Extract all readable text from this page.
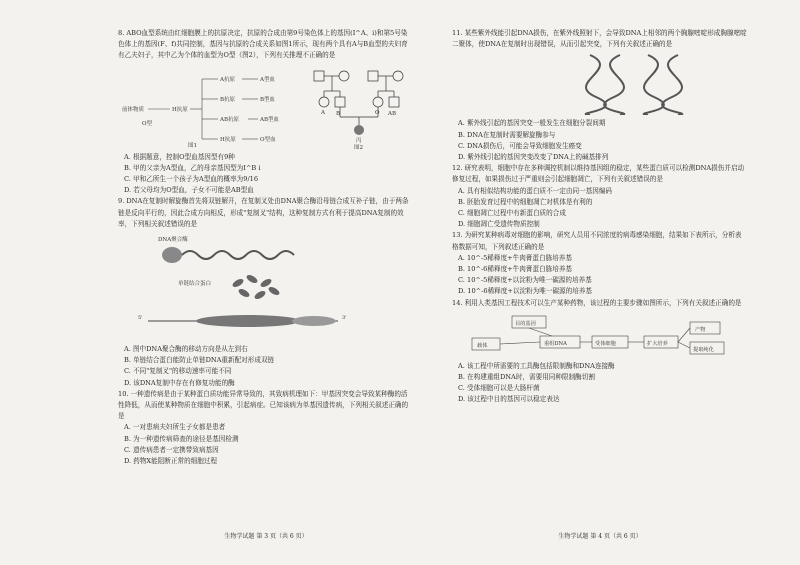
8. ABO血型系统由红细胞膜上的抗原决定，抗原的合成由第9号染色体上的基因(I^A、i)和第5号染色体上的基因(F、f)共同控制，基因与抗原的合成关系如图1所示，现有两个具有A与B血型的夫妇育有乙夫妇子，其中乙为个体的血型为O型（图2），下列有关推理不正确的是

前体物质	H抗原
A抗原
B抗原
AB抗原
H抗原
A型血
B型血
AB型血
O型血
O型
图1
A B	O AB
丙
图2

A. 根据题意，控制O型血基因型有9种

B. 甲的父亲为A型血，乙的母亲基因型为I^B i

C. 甲和乙所生一个孩子为A型血的概率为9/16

D. 若父母均为O型血，子女不可能是AB型血

9. DNA在复制时解旋酶首先将双链解开，在复制叉处由DNA聚合酶沿母链合成互补子链，由于两条链是反向平行的，因此合成方向相反，形成"复制叉"结构，这种复制方式有利于提高DNA复制的效率，下列相关叙述错误的是

DNA聚合酶
单链结合蛋白
5'	3'

A. 图中DNA聚合酶的移动方向是从左到右

B. 单链结合蛋白能防止单链DNA重新配对形成双链

C. 不同"复制叉"的移动速率可能不同

D. 该DNA复制中存在有修复功能的酶

10. 一种遗传病是由于某种蛋白质功能异常导致的，其致病机理如下：甲基因突变会导致某种酶的活性降低，从而使某种物质在细胞中积累，引起病症。已知该病为单基因遗传病，下列相关叙述正确的是

A. 一对患病夫妇所生子女都是患者

B. 为一种遗传病筛查的途径是基因检测

C. 遗传病患者一定携带致病基因

D. 药物X能阻断正常的细胞过程

生物学试题 第 3 页（共 6 页）

11. 某些紫外线能引起DNA损伤，在紫外线照射下，会导致DNA上相邻的两个胸腺嘧啶形成胸腺嘧啶二聚体，使DNA在复制时出现错误，从而引起突变，下列有关叙述正确的是

A. 紫外线引起的基因突变一般发生在细胞分裂间期

B. DNA在复制时需要解旋酶参与

C. DNA损伤后，可能会导致细胞发生癌变

D. 紫外线引起的基因突变改变了DNA上的碱基排列

12. 研究表明，细胞中存在多种调控机制以维持基因组的稳定，某些蛋白质可以检测DNA损伤并启动修复过程，如果损伤过于严重则会引起细胞凋亡，下列有关叙述错误的是

A. 具有相似结构功能的蛋白质不一定由同一基因编码

B. 胚胎发育过程中的细胞凋亡对机体是有利的

C. 细胞凋亡过程中有新蛋白质的合成

D. 细胞凋亡受遗传物质控制

13. 为研究某种病毒对细胞的影响，研究人员用不同浓度的病毒感染细胞，结果如下表所示，分析表格数据可知，下列叙述正确的是

A. 10^-5稀释度+牛肉膏蛋白胨培养基

B. 10^-6稀释度+牛肉膏蛋白胨培养基

C. 10^-5稀释度+以淀粉为唯一碳源的培养基

D. 10^-6稀释度+以淀粉为唯一碳源的培养基

14. 利用人类基因工程技术可以生产某种药物，该过程的主要步骤如图所示，下列有关叙述正确的是

目的基因
载体	重组DNA	受体细胞	扩大培养
产物
提取纯化

A. 该工程中所需要的工具酶包括限制酶和DNA连接酶

B. 在构建重组DNA时，需要用同种限制酶切割

C. 受体细胞可以是大肠杆菌

D. 该过程中目的基因可以稳定表达

生物学试题 第 4 页（共 6 页）
